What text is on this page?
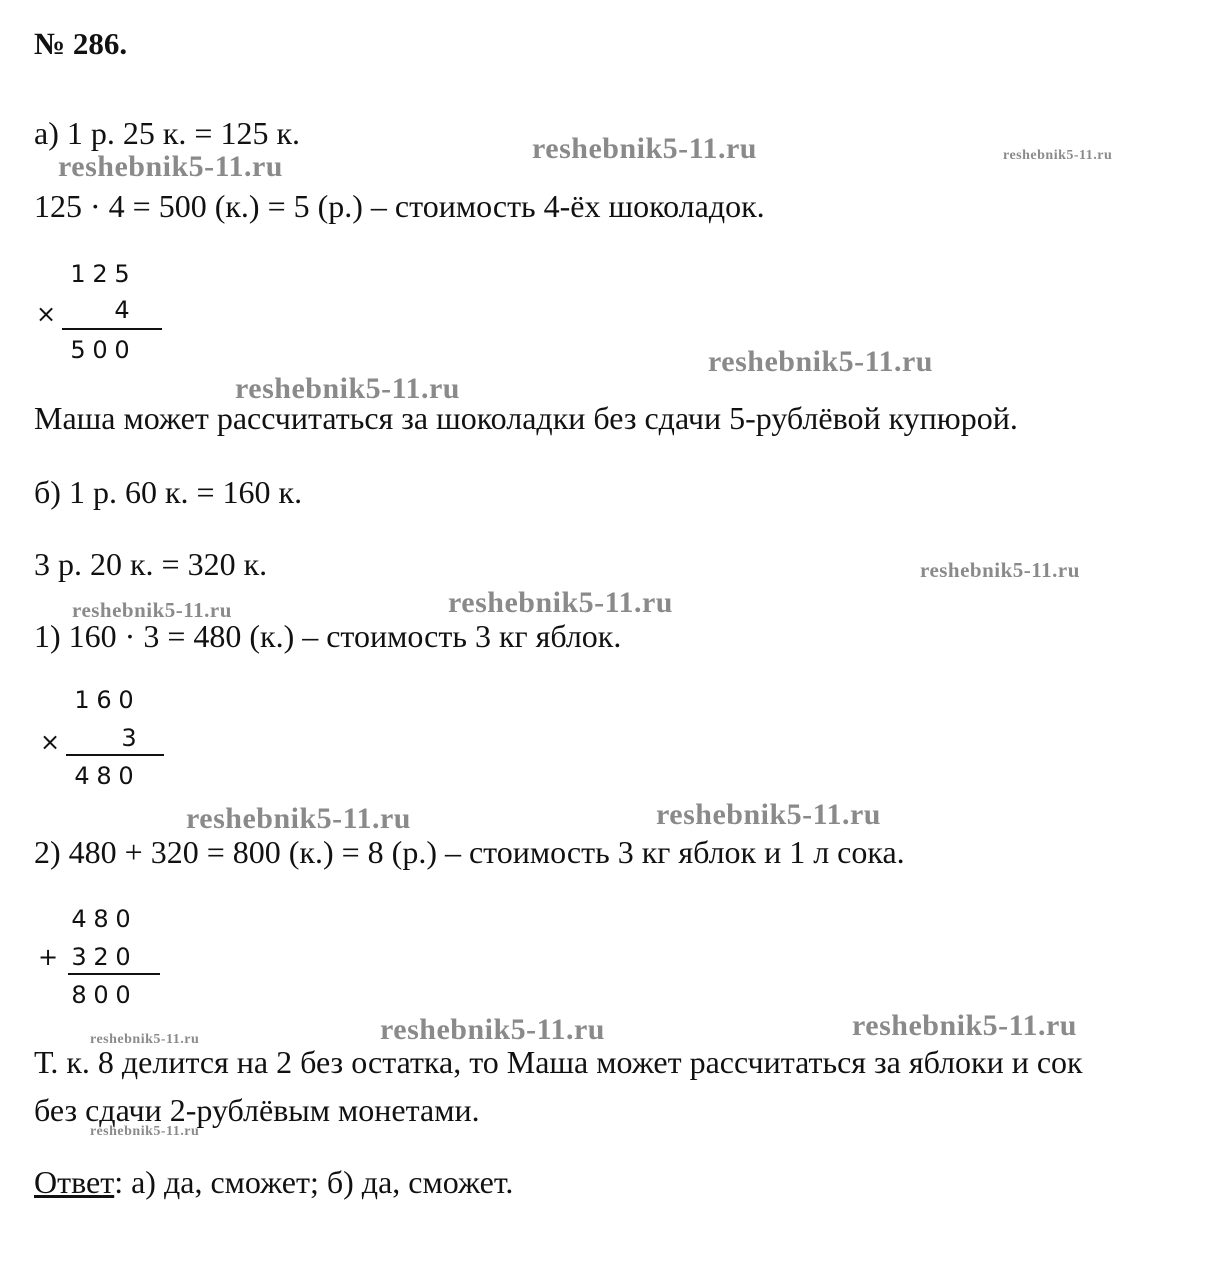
№ 286.
а) 1 р. 25 к. = 125 к.
125 · 4 = 500 (к.) = 5 (р.) – стоимость 4-ёх шоколадок.
1 2 5
×	4
5 0 0
Маша может рассчитаться за шоколадки без сдачи 5-рублёвой купюрой.
б) 1 р. 60 к. = 160 к.
3 р. 20 к. = 320 к.
1) 160 · 3 = 480 (к.) – стоимость 3 кг яблок.
1 6 0
×	3
4 8 0
2) 480 + 320 = 800 (к.) = 8 (р.) – стоимость 3 кг яблок и 1 л сока.
4 8 0
+ 3 2 0
8 0 0
Т. к. 8 делится на 2 без остатка, то Маша может рассчитаться за яблоки и сок
без сдачи 2-рублёвым монетами.
Ответ: а) да, сможет; б) да, сможет.
reshebnik5-11.ru
reshebnik5-11.ru	reshebnik5-11.ru
reshebnik5-11.ru
reshebnik5-11.ru
reshebnik5-11.ru
reshebnik5-11.ru	reshebnik5-11.ru
reshebnik5-11.ru	reshebnik5-11.ru
reshebnik5-11.ru	reshebnik5-11.ru	reshebnik5-11.ru
reshebnik5-11.ru
